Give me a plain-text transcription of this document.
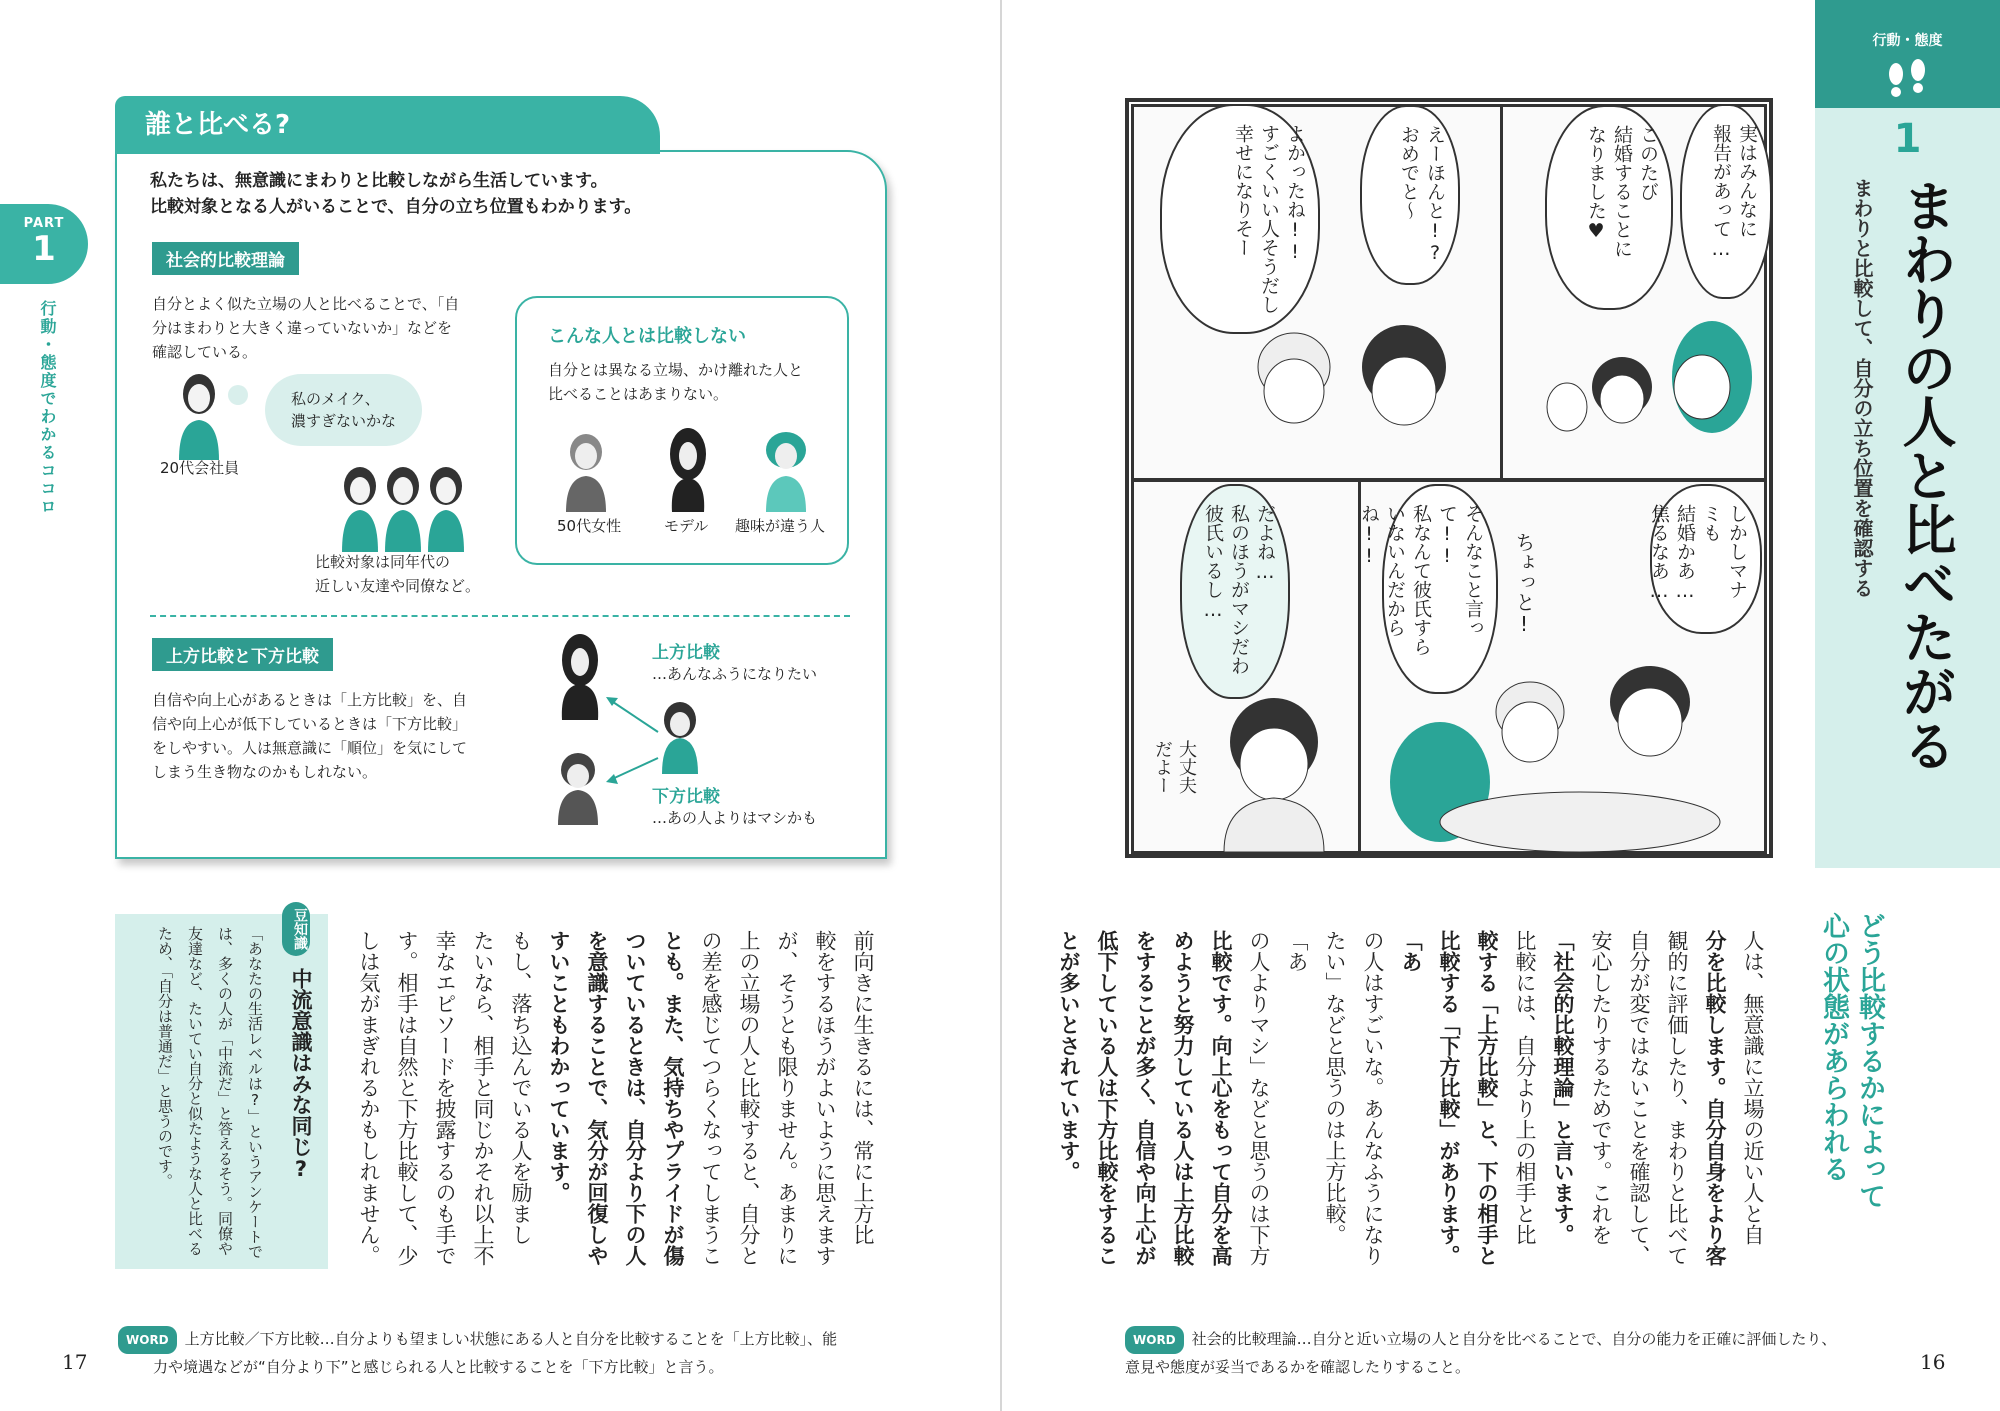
PART
1
行動・態度でわかるココロ
誰と比べる?
私たちは、無意識にまわりと比較しながら生活しています。
比較対象となる人がいることで、自分の立ち位置もわかります。
社会的比較理論
自分とよく似た立場の人と比べることで、「自
分はまわりと大きく違っていないか」などを
確認している。
私のメイク、
濃すぎないかな
20代会社員
比較対象は同年代の
近しい友達や同僚など。
こんな人とは比較しない
自分とは異なる立場、かけ離れた人と
比べることはあまりない。
50代女性	モデル 趣味が違う人
上方比較と下方比較
自信や向上心があるときは「上方比較」を、自
信や向上心が低下しているときは「下方比較」
をしやすい。人は無意識に「順位」を気にして
しまう生き物なのかもしれない。
上方比較
…あんなふうになりたい
下方比較
…あの人よりはマシかも
豆知識
中流意識はみな同じ?
「あなたの生活レベルは?」というアンケートでは、多くの人が「中流だ」と答えるそう。同僚や友達など、たいてい自分と似たような人と比べるため、「自分は普通だ」と思うのです。	前向きに生きるには、常に上方比
較をするほうがよいように思えます
が、そうとも限りません。あまりに
上の立場の人と比較すると、自分と
の差を感じてつらくなってしまうこ
とも。また、気持ちやプライドが傷
ついているときは、自分より下の人
を意識することで、気分が回復しや
すいこともわかっています。
もし、落ち込んでいる人を励まし
たいなら、相手と同じかそれ以上不
幸なエピソードを披露するのも手で
す。相手は自然と下方比較して、少
しは気がまぎれるかもしれません。
WORD 上方比較／下方比較…自分よりも望ましい状態にある人と自分を比較することを「上方比較」、能
力や境遇などが“自分より下”と感じられる人と比較することを「下方比較」と言う。
17
行動・態度
1
まわりの人と比べたがる
まわりと比較して、自分の立ち位置を確認する
実はみんなに
報告があって…
このたび
結婚することに
なりました♥
えーほんと!?
おめでと〜
よかったね!!
すごくいい人そうだし
幸せになりそー
しかしマナミも
結婚かあ…
焦るなあ…
ちょっと!
そんなこと言って!!
私なんて彼氏すら
いないんだからね!!
だよね…
私のほうがマシだわ
彼氏いるし…
大丈夫
だよー
どう比較するかによって
心の状態があらわれる
人は、無意識に立場の近い人と自
分を比較します。自分自身をより客
観的に評価したり、まわりと比べて
自分が変ではないことを確認して、
安心したりするためです。これを
「社会的比較理論」と言います。
比較には、自分より上の相手と比
較する「上方比較」と、下の相手と
比較する「下方比較」があります。「あ
の人はすごいな。あんなふうになり
たい」などと思うのは上方比較。「あ
の人よりマシ」などと思うのは下方
比較です。向上心をもって自分を高
めようと努力している人は上方比較
をすることが多く、自信や向上心が
低下している人は下方比較をするこ
とが多いとされています。
WORD 社会的比較理論…自分と近い立場の人と自分を比べることで、自分の能力を正確に評価したり、
意見や態度が妥当であるかを確認したりすること。	16
